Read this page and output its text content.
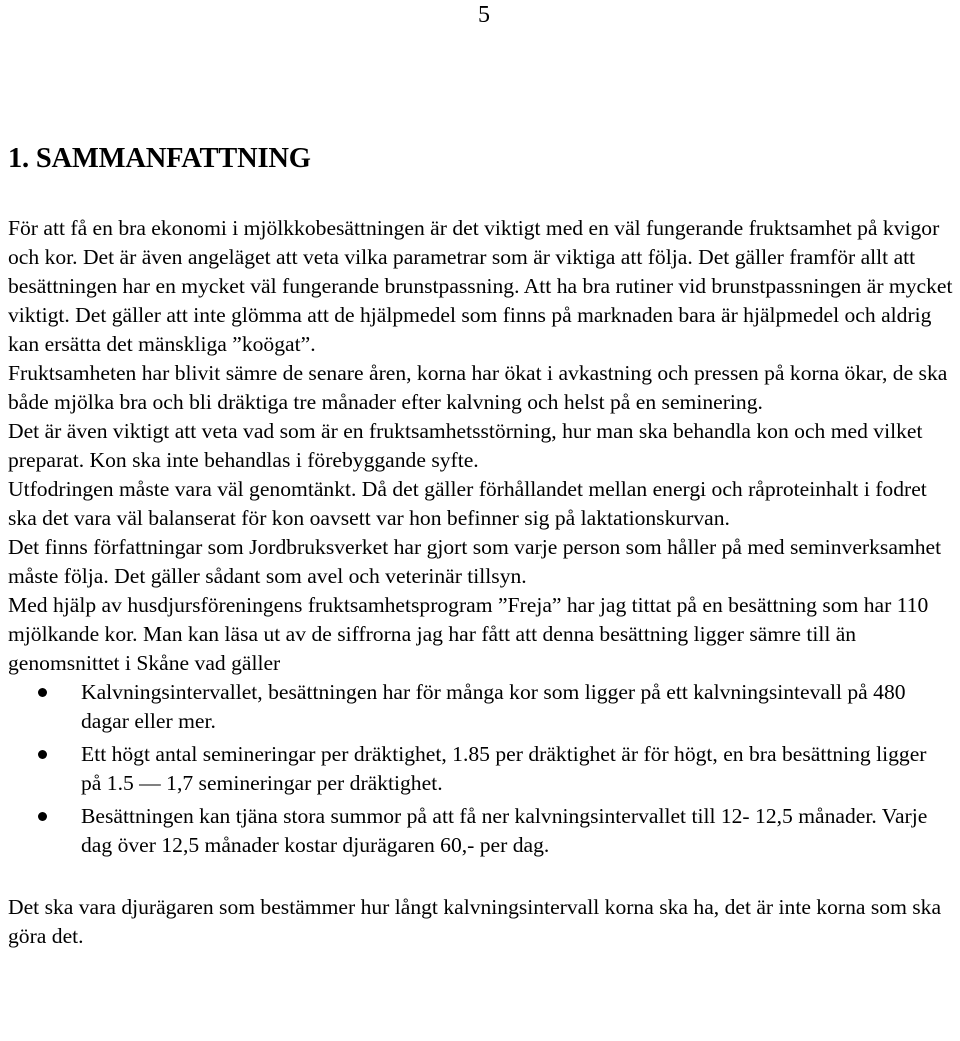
5
1. SAMMANFATTNING

För att få en bra ekonomi i mjölkkobesättningen är det viktigt med en väl fungerande fruktsamhet på kvigor och kor. Det är även angeläget att veta vilka parametrar som är viktiga att följa. Det gäller framför allt att besättningen har en mycket väl fungerande brunstpassning. Att ha bra rutiner vid brunstpassningen är mycket viktigt. Det gäller att inte glömma att de hjälpmedel som finns på marknaden bara är hjälpmedel och aldrig kan ersätta det mänskliga ”koögat”.

Fruktsamheten har blivit sämre de senare åren, korna har ökat i avkastning och pressen på korna ökar, de ska både mjölka bra och bli dräktiga tre månader efter kalvning och helst på en seminering.

Det är även viktigt att veta vad som är en fruktsamhetsstörning, hur man ska behandla kon och med vilket preparat. Kon ska inte behandlas i förebyggande syfte.

Utfodringen måste vara väl genomtänkt. Då det gäller förhållandet mellan energi och råproteinhalt i fodret ska det vara väl balanserat för kon oavsett var hon befinner sig på laktationskurvan.

Det finns författningar som Jordbruksverket har gjort som varje person som håller på med seminverksamhet måste följa. Det gäller sådant som avel och veterinär tillsyn.

Med hjälp av husdjursföreningens fruktsamhetsprogram ”Freja” har jag tittat på en besättning som har 110 mjölkande kor. Man kan läsa ut av de siffrorna jag har fått att denna besättning ligger sämre till än genomsnittet i Skåne vad gäller

Kalvningsintervallet, besättningen har för många kor som ligger på ett kalvningsintevall på 480 dagar eller mer.
Ett högt antal semineringar per dräktighet, 1.85 per dräktighet är för högt, en bra besättning ligger på 1.5 — 1,7 semineringar per dräktighet.
Besättningen kan tjäna stora summor på att få ner kalvningsintervallet till 12- 12,5 månader. Varje dag över 12,5 månader kostar djurägaren 60,- per dag.

Det ska vara djurägaren som bestämmer hur långt kalvningsintervall korna ska ha, det är inte korna som ska göra det.
